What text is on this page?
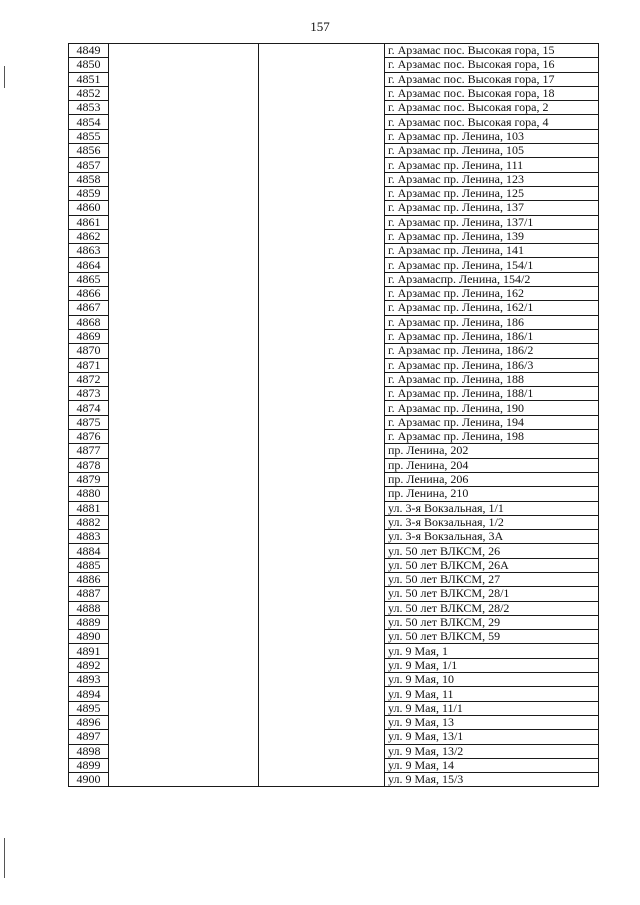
157
4849			г. Арзамас пос. Высокая гора, 15
4850			г. Арзамас пос. Высокая гора, 16
4851			г. Арзамас пос. Высокая гора, 17
4852			г. Арзамас пос. Высокая гора, 18
4853			г. Арзамас пос. Высокая гора, 2
4854			г. Арзамас пос. Высокая гора, 4
4855			г. Арзамас пр. Ленина, 103
4856			г. Арзамас пр. Ленина, 105
4857			г. Арзамас пр. Ленина, 111
4858			г. Арзамас пр. Ленина, 123
4859			г. Арзамас пр. Ленина, 125
4860			г. Арзамас пр. Ленина, 137
4861			г. Арзамас пр. Ленина, 137/1
4862			г. Арзамас пр. Ленина, 139
4863			г. Арзамас пр. Ленина, 141
4864			г. Арзамас пр. Ленина, 154/1
4865			г. Арзамаспр. Ленина, 154/2
4866			г. Арзамас пр. Ленина, 162
4867			г. Арзамас пр. Ленина, 162/1
4868			г. Арзамас пр. Ленина, 186
4869			г. Арзамас пр. Ленина, 186/1
4870			г. Арзамас пр. Ленина, 186/2
4871			г. Арзамас пр. Ленина, 186/3
4872			г. Арзамас пр. Ленина, 188
4873			г. Арзамас пр. Ленина, 188/1
4874			г. Арзамас пр. Ленина, 190
4875			г. Арзамас пр. Ленина, 194
4876			г. Арзамас пр. Ленина, 198
4877			пр. Ленина, 202
4878			пр. Ленина, 204
4879			пр. Ленина, 206
4880			пр. Ленина, 210
4881			ул. 3-я Вокзальная, 1/1
4882			ул. 3-я Вокзальная, 1/2
4883			ул. 3-я Вокзальная, 3А
4884			ул. 50 лет ВЛКСМ, 26
4885			ул. 50 лет ВЛКСМ, 26А
4886			ул. 50 лет ВЛКСМ, 27
4887			ул. 50 лет ВЛКСМ, 28/1
4888			ул. 50 лет ВЛКСМ, 28/2
4889			ул. 50 лет ВЛКСМ, 29
4890			ул. 50 лет ВЛКСМ, 59
4891			ул. 9 Мая, 1
4892			ул. 9 Мая, 1/1
4893			ул. 9 Мая, 10
4894			ул. 9 Мая, 11
4895			ул. 9 Мая, 11/1
4896			ул. 9 Мая, 13
4897			ул. 9 Мая, 13/1
4898			ул. 9 Мая, 13/2
4899			ул. 9 Мая, 14
4900			ул. 9 Мая, 15/3
